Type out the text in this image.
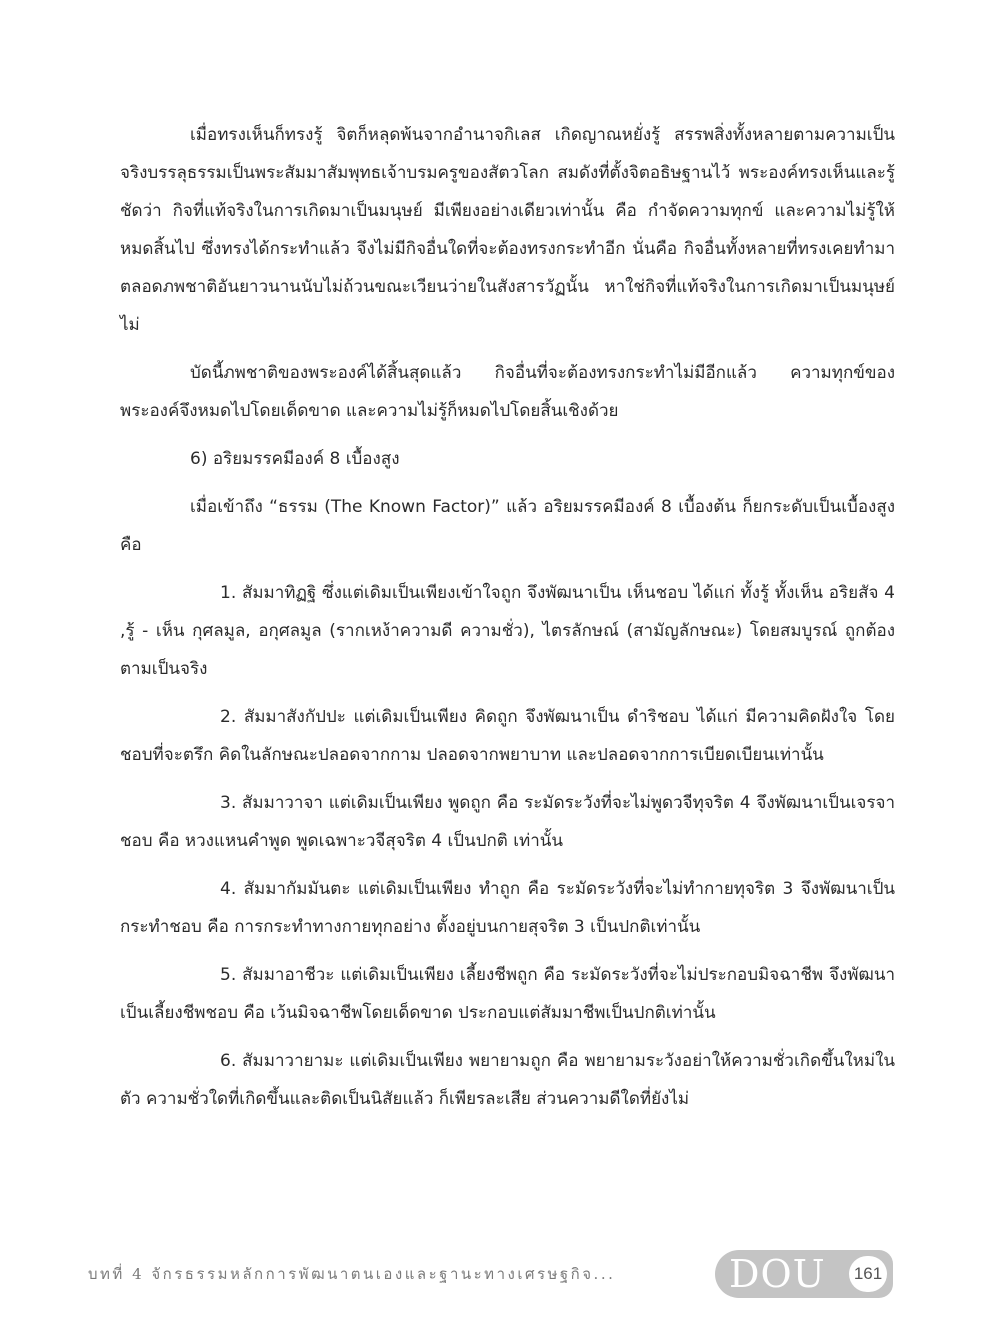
เมื่อทรงเห็นก็ทรงรู้ จิตก็หลุดพ้นจากอำนาจกิเลส เกิดญาณหยั่งรู้ สรรพสิ่งทั้งหลายตามความเป็นจริงบรรลุธรรมเป็นพระสัมมาสัมพุทธเจ้าบรมครูของสัตวโลก สมดังที่ตั้งจิตอธิษฐานไว้ พระองค์ทรงเห็นและรู้ชัดว่า กิจที่แท้จริงในการเกิดมาเป็นมนุษย์ มีเพียงอย่างเดียวเท่านั้น คือ กำจัดความทุกข์ และความไม่รู้ให้หมดสิ้นไป ซึ่งทรงได้กระทำแล้ว จึงไม่มีกิจอื่นใดที่จะต้องทรงกระทำอีก นั่นคือ กิจอื่นทั้งหลายที่ทรงเคยทำมาตลอดภพชาติอันยาวนานนับไม่ถ้วนขณะเวียนว่ายในสังสารวัฏนั้น หาใช่กิจที่แท้จริงในการเกิดมาเป็นมนุษย์ไม่

บัดนี้ภพชาติของพระองค์ได้สิ้นสุดแล้ว กิจอื่นที่จะต้องทรงกระทำไม่มีอีกแล้ว ความทุกข์ของพระองค์จึงหมดไปโดยเด็ดขาด และความไม่รู้ก็หมดไปโดยสิ้นเชิงด้วย

6) อริยมรรคมีองค์ 8 เบื้องสูง

เมื่อเข้าถึง “ธรรม (The Known Factor)” แล้ว อริยมรรคมีองค์ 8 เบื้องต้น ก็ยกระดับเป็นเบื้องสูง คือ

1. สัมมาทิฏฐิ ซึ่งแต่เดิมเป็นเพียงเข้าใจถูก จึงพัฒนาเป็น เห็นชอบ ได้แก่ ทั้งรู้ ทั้งเห็น อริยสัจ 4 ,รู้ - เห็น กุศลมูล, อกุศลมูล (รากเหง้าความดี ความชั่ว), ไตรลักษณ์ (สามัญลักษณะ) โดยสมบูรณ์ ถูกต้องตามเป็นจริง

2. สัมมาสังกัปปะ แต่เดิมเป็นเพียง คิดถูก จึงพัฒนาเป็น ดำริชอบ ได้แก่ มีความคิดฝังใจ โดยชอบที่จะตรึก คิดในลักษณะปลอดจากกาม ปลอดจากพยาบาท และปลอดจากการเบียดเบียนเท่านั้น

3. สัมมาวาจา แต่เดิมเป็นเพียง พูดถูก คือ ระมัดระวังที่จะไม่พูดวจีทุจริต 4 จึงพัฒนาเป็นเจรจาชอบ คือ หวงแหนคำพูด พูดเฉพาะวจีสุจริต 4 เป็นปกติ เท่านั้น

4. สัมมากัมมันตะ แต่เดิมเป็นเพียง ทำถูก คือ ระมัดระวังที่จะไม่ทำกายทุจริต 3 จึงพัฒนาเป็น กระทำชอบ คือ การกระทำทางกายทุกอย่าง ตั้งอยู่บนกายสุจริต 3 เป็นปกติเท่านั้น

5. สัมมาอาชีวะ แต่เดิมเป็นเพียง เลี้ยงชีพถูก คือ ระมัดระวังที่จะไม่ประกอบมิจฉาชีพ จึงพัฒนาเป็นเลี้ยงชีพชอบ คือ เว้นมิจฉาชีพโดยเด็ดขาด ประกอบแต่สัมมาชีพเป็นปกติเท่านั้น

6. สัมมาวายามะ แต่เดิมเป็นเพียง พยายามถูก คือ พยายามระวังอย่าให้ความชั่วเกิดขึ้นใหม่ในตัว ความชั่วใดที่เกิดขึ้นและติดเป็นนิสัยแล้ว ก็เพียรละเสีย ส่วนความดีใดที่ยังไม่

บทที่ 4 จักรธรรมหลักการพัฒนาตนเองและฐานะทางเศรษฐกิจ...	DOU 161
